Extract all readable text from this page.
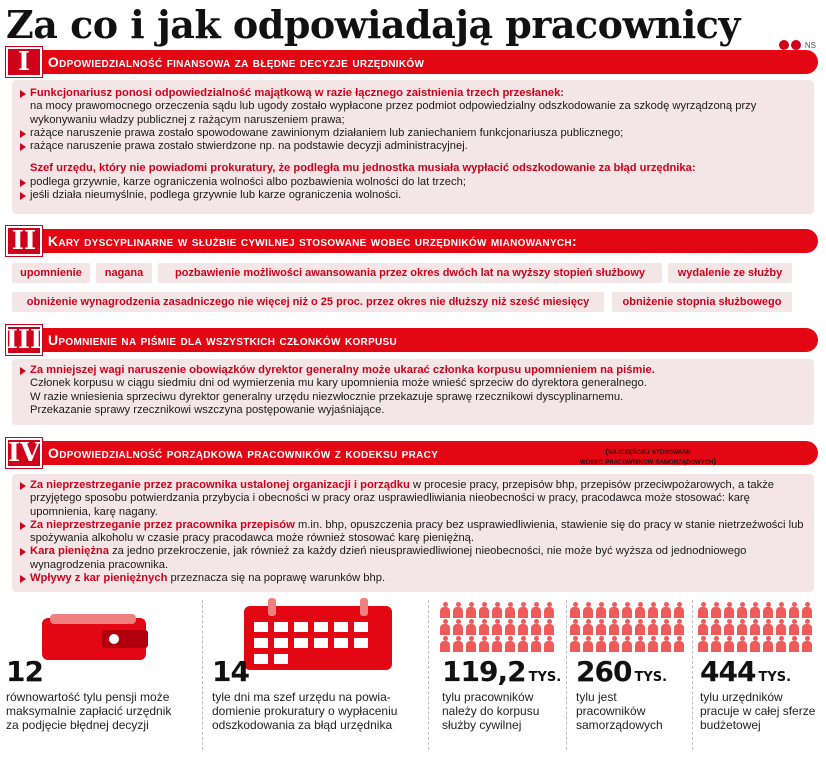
Za co i jak odpowiadają pracownicy	NS
I	Odpowiedzialność finansowa za błędne decyzje urzędników
Funkcjonariusz ponosi odpowiedzialność majątkową w razie łącznego zaistnienia trzech przesłanek:
na mocy prawomocnego orzeczenia sądu lub ugody zostało wypłacone przez podmiot odpowiedzialny odszkodowanie za szkodę wyrządzoną przy wykonywaniu władzy publicznej z rażącym naruszeniem prawa;
rażące naruszenie prawa zostało spowodowane zawinionym działaniem lub zaniechaniem funkcjonariusza publicznego;
rażące naruszenie prawa zostało stwierdzone np. na podstawie decyzji administracyjnej.
Szef urzędu, który nie powiadomi prokuratury, że podległa mu jednostka musiała wypłacić odszkodowanie za błąd urzędnika:
podlega grzywnie, karze ograniczenia wolności albo pozbawienia wolności do lat trzech;
jeśli działa nieumyślnie, podlega grzywnie lub karze ograniczenia wolności.
II Kary dyscyplinarne w służbie cywilnej stosowane wobec urzędników mianowanych:
upomnienie	nagana	pozbawienie możliwości awansowania przez okres dwóch lat na wyższy stopień służbowy	wydalenie ze służby
obniżenie wynagrodzenia zasadniczego nie więcej niż o 25 proc. przez okres nie dłuższy niż sześć miesięcy	obniżenie stopnia służbowego
III Upomnienie na piśmie dla wszystkich członków korpusu
Za mniejszej wagi naruszenie obowiązków dyrektor generalny może ukarać członka korpusu upomnieniem na piśmie.
Członek korpusu w ciągu siedmiu dni od wymierzenia mu kary upomnienia może wnieść sprzeciw do dyrektora generalnego.
W razie wniesienia sprzeciwu dyrektor generalny urzędu niezwłocznie przekazuje sprawę rzecznikowi dyscyplinarnemu.
Przekazanie sprawy rzecznikowi wszczyna postępowanie wyjaśniające.
IV Odpowiedzialność porządkowa pracowników z kodeksu pracy	(najczęściej stosowane
wobec pracowników samorządowych)
Za nieprzestrzeganie przez pracownika ustalonej organizacji i porządku w procesie pracy, przepisów bhp, przepisów przeciwpożarowych, a także przyjętego sposobu potwierdzania przybycia i obecności w pracy oraz usprawiedliwiania nieobecności w pracy, pracodawca może stosować: karę upomnienia, karę nagany.
Za nieprzestrzeganie przez pracownika przepisów m.in. bhp, opuszczenia pracy bez usprawiedliwienia, stawienie się do pracy w stanie nietrzeźwości lub spożywania alkoholu w czasie pracy pracodawca może również stosować karę pieniężną.
Kara pieniężna za jedno przekroczenie, jak również za każdy dzień nieusprawiedliwionej nieobecności, nie może być wyższa od jednodniowego wynagrodzenia pracownika.
Wpływy z kar pieniężnych przeznacza się na poprawę warunków bhp.
12
równowartość tylu pensji może
maksymalnie zapłacić urzędnik
za podjęcie błędnej decyzji
14
tyle dni ma szef urzędu na powia-
domienie prokuratury o wypłaceniu
odszkodowania za błąd urzędnika
119,2 TYS.
tylu pracowników
należy do korpusu
służby cywilnej
260 TYS.
tylu jest
pracowników
samorządowych
444 TYS.
tylu urzędników
pracuje w całej sferze
budżetowej
